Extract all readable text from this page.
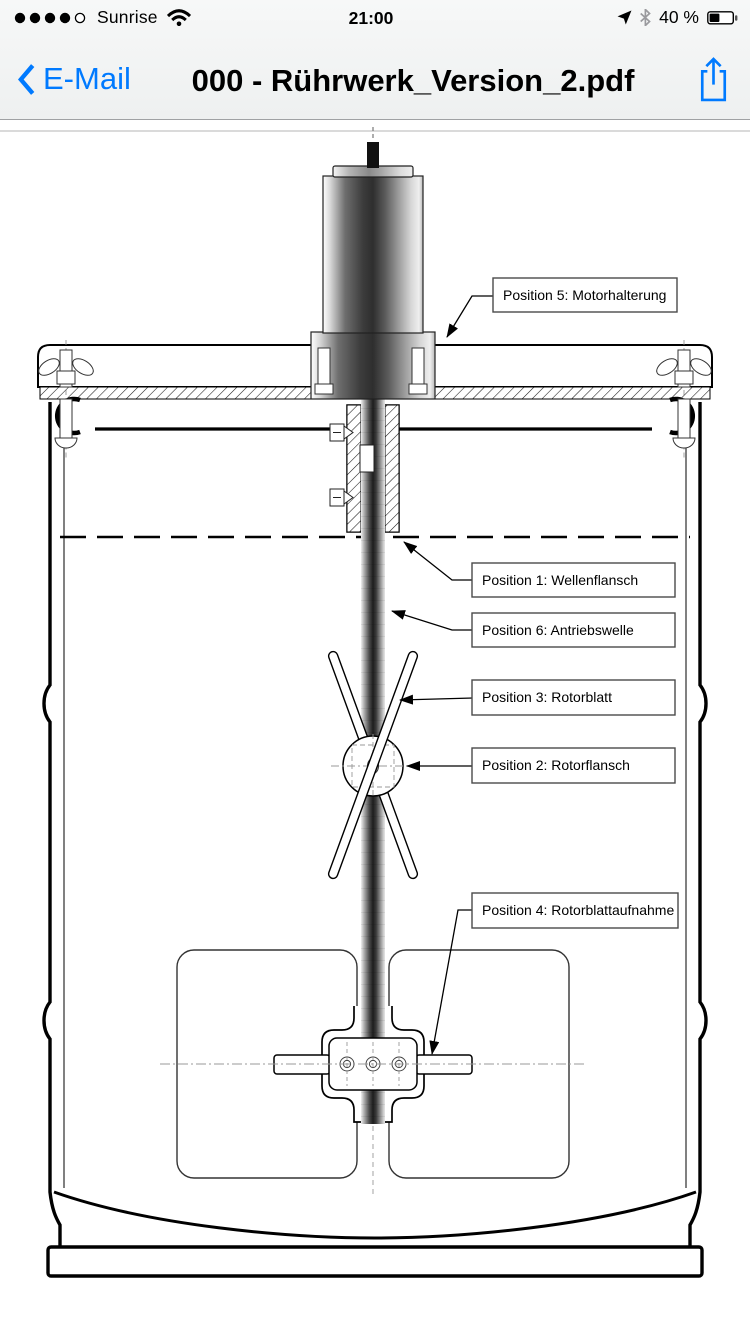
Position 5: Motorhalterung
Position 1: Wellenflansch
Position 6: Antriebswelle
Position 3: Rotorblatt
Position 2: Rotorflansch
Position 4: Rotorblattaufnahme
Sunrise	21:00	40 %
E-Mail 000 - Rührwerk_Version_2.pdf
